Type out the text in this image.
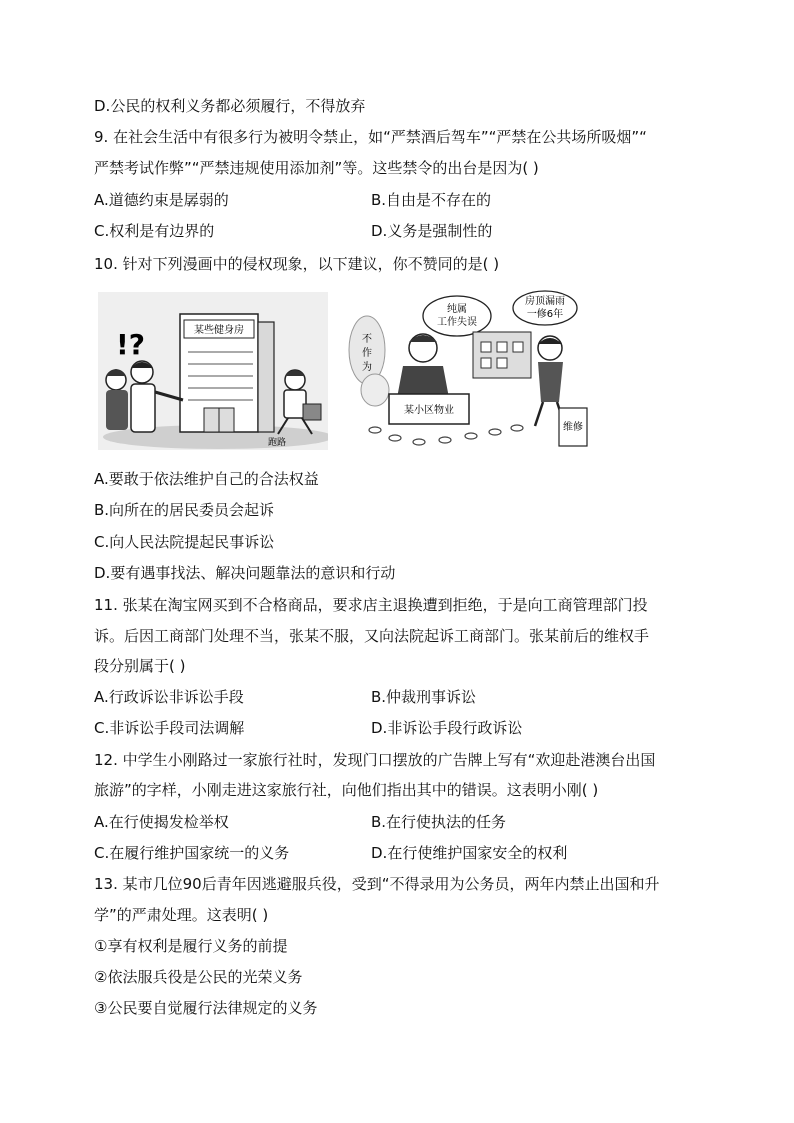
D.公民的权利义务都必须履行，不得放弃
9. 在社会生活中有很多行为被明令禁止，如“严禁酒后驾车”“严禁在公共场所吸烟”“
严禁考试作弊”“严禁违规使用添加剂”等。这些禁令的出台是因为( )
A.道德约束是孱弱的	B.自由是不存在的
C.权利是有边界的	D.义务是强制性的
10. 针对下列漫画中的侵权现象，以下建议，你不赞同的是( )
某些健身房
!?
跑路
不
作
为
纯属
工作失误
房顶漏雨
一修6年
某小区物业
维修
A.要敢于依法维护自己的合法权益
B.向所在的居民委员会起诉
C.向人民法院提起民事诉讼
D.要有遇事找法、解决问题靠法的意识和行动
11. 张某在淘宝网买到不合格商品，要求店主退换遭到拒绝，于是向工商管理部门投
诉。后因工商部门处理不当，张某不服，又向法院起诉工商部门。张某前后的维权手
段分别属于( )
A.行政诉讼非诉讼手段	B.仲裁刑事诉讼
C.非诉讼手段司法调解	D.非诉讼手段行政诉讼
12. 中学生小刚路过一家旅行社时，发现门口摆放的广告牌上写有“欢迎赴港澳台出国
旅游”的字样，小刚走进这家旅行社，向他们指出其中的错误。这表明小刚( )
A.在行使揭发检举权	B.在行使执法的任务
C.在履行维护国家统一的义务	D.在行使维护国家安全的权利
13. 某市几位90后青年因逃避服兵役，受到“不得录用为公务员，两年内禁止出国和升
学”的严肃处理。这表明( )
①享有权利是履行义务的前提
②依法服兵役是公民的光荣义务
③公民要自觉履行法律规定的义务
